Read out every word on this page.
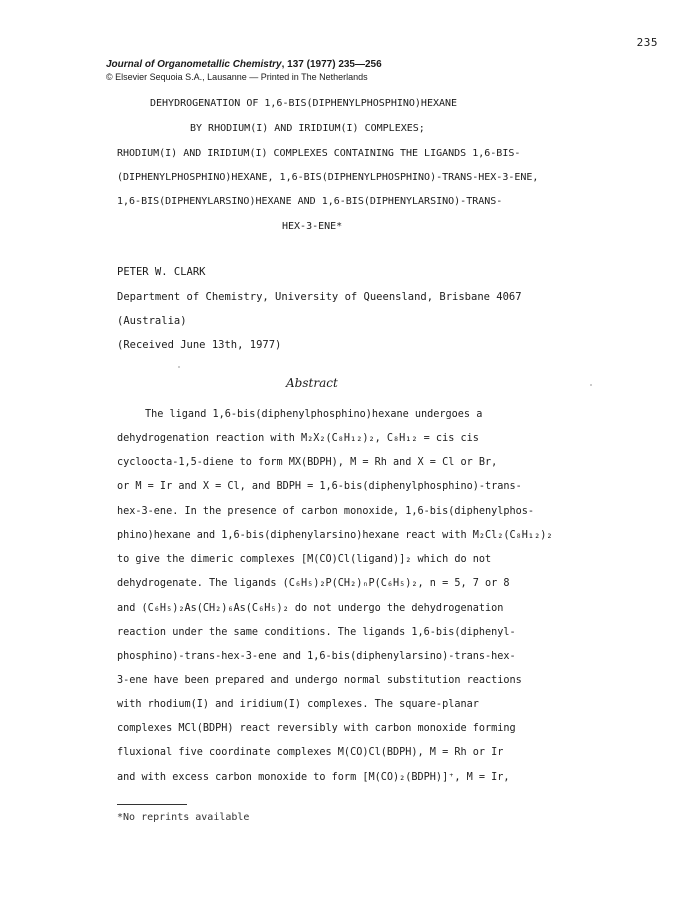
235
Journal of Organometallic Chemistry, 137 (1977) 235—256
© Elsevier Sequoia S.A., Lausanne — Printed in The Netherlands
DEHYDROGENATION OF 1,6-BIS(DIPHENYLPHOSPHINO)HEXANE
BY RHODIUM(I) AND IRIDIUM(I) COMPLEXES;
RHODIUM(I) AND IRIDIUM(I) COMPLEXES CONTAINING THE LIGANDS 1,6-BIS-
(DIPHENYLPHOSPHINO)HEXANE, 1,6-BIS(DIPHENYLPHOSPHINO)-TRANS-HEX-3-ENE,
1,6-BIS(DIPHENYLARSINO)HEXANE AND 1,6-BIS(DIPHENYLARSINO)-TRANS-
HEX-3-ENE*
PETER W. CLARK
Department of Chemistry, University of Queensland, Brisbane 4067
(Australia)
(Received June 13th, 1977)
Abstract
The ligand 1,6-bis(diphenylphosphino)hexane undergoes a
dehydrogenation reaction with M₂X₂(C₈H₁₂)₂, C₈H₁₂ = cis cis
cycloocta-1,5-diene to form MX(BDPH), M = Rh and X = Cl or Br,
or M = Ir and X = Cl, and BDPH = 1,6-bis(diphenylphosphino)-trans-
hex-3-ene. In the presence of carbon monoxide, 1,6-bis(diphenylphos-
phino)hexane and 1,6-bis(diphenylarsino)hexane react with M₂Cl₂(C₈H₁₂)₂
to give the dimeric complexes [M(CO)Cl(ligand)]₂ which do not
dehydrogenate. The ligands (C₆H₅)₂P(CH₂)ₙP(C₆H₅)₂, n = 5, 7 or 8
and (C₆H₅)₂As(CH₂)₆As(C₆H₅)₂ do not undergo the dehydrogenation
reaction under the same conditions. The ligands 1,6-bis(diphenyl-
phosphino)-trans-hex-3-ene and 1,6-bis(diphenylarsino)-trans-hex-
3-ene have been prepared and undergo normal substitution reactions
with rhodium(I) and iridium(I) complexes. The square-planar
complexes MCl(BDPH) react reversibly with carbon monoxide forming
fluxional five coordinate complexes M(CO)Cl(BDPH), M = Rh or Ir
and with excess carbon monoxide to form [M(CO)₂(BDPH)]⁺, M = Ir,
*No reprints available
